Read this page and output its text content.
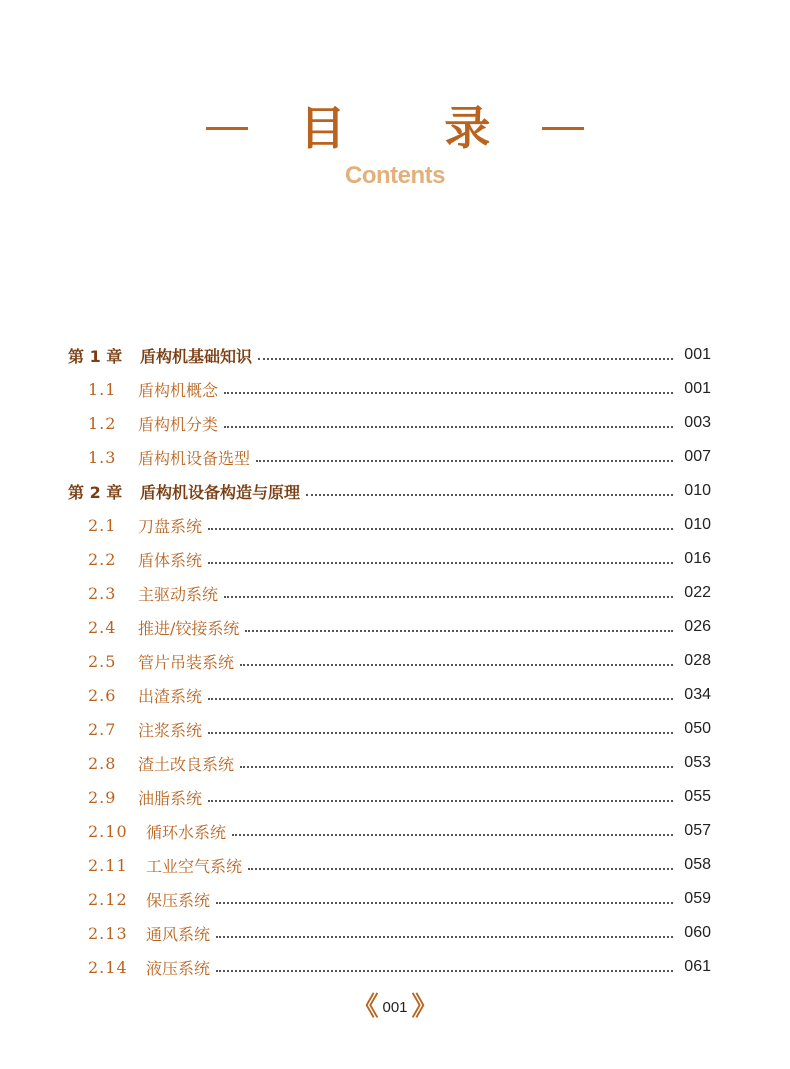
目 录
Contents
第 1 章	盾构机基础知识	001
1.1	盾构机概念	001
1.2	盾构机分类	003
1.3	盾构机设备选型	007
第 2 章	盾构机设备构造与原理	010
2.1	刀盘系统	010
2.2	盾体系统	016
2.3	主驱动系统	022
2.4	推进/铰接系统	026
2.5	管片吊装系统	028
2.6	出渣系统	034
2.7	注浆系统	050
2.8	渣土改良系统	053
2.9	油脂系统	055
2.10	循环水系统	057
2.11	工业空气系统	058
2.12	保压系统	059
2.13	通风系统	060
2.14	液压系统	061
《 001 》
